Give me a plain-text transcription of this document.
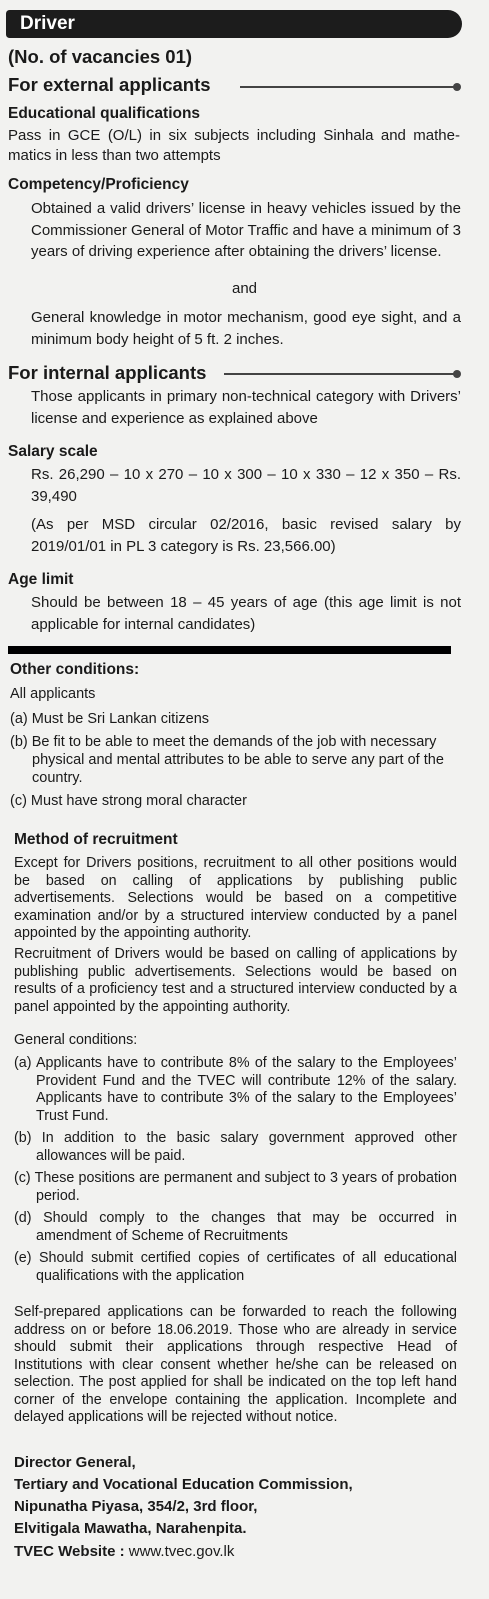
Driver
(No. of vacancies 01)
For external applicants
Educational qualifications
Pass in GCE (O/L) in six subjects including Sinhala and mathe-matics in less than two attempts
Competency/Proficiency
Obtained a valid drivers’ license in heavy vehicles issued by the Commissioner General of Motor Traffic and have a minimum of 3 years of driving experience after obtaining the drivers’ license.
and
General knowledge in motor mechanism, good eye sight, and a minimum body height of 5 ft. 2 inches.
For internal applicants
Those applicants in primary non-technical category with Drivers’ license and experience as explained above
Salary scale
Rs. 26,290 – 10 x 270 – 10 x 300 – 10 x 330 – 12 x 350 – Rs. 39,490
(As per MSD circular 02/2016, basic revised salary by 2019/01/01 in PL 3 category is Rs. 23,566.00)
Age limit
Should be between 18 – 45 years of age (this age limit is not applicable for internal candidates)
Other conditions:
All applicants
(a) Must be Sri Lankan citizens
(b) Be fit to be able to meet the demands of the job with necessary physical and mental attributes to be able to serve any part of the country.
(c) Must have strong moral character
Method of recruitment
Except for Drivers positions, recruitment to all other positions would be based on calling of applications by publishing public advertisements. Selections would be based on a competitive examination and/or by a structured interview conducted by a panel appointed by the appointing authority.
Recruitment of Drivers would be based on calling of applications by publishing public advertisements. Selections would be based on results of a proficiency test and a structured interview conducted by a panel appointed by the appointing authority.
General conditions:
(a) Applicants have to contribute 8% of the salary to the Employees’ Provident Fund and the TVEC will contribute 12% of the salary. Applicants have to contribute 3% of the salary to the Employees’ Trust Fund.
(b) In addition to the basic salary government approved other allowances will be paid.
(c) These positions are permanent and subject to 3 years of probation period.
(d) Should comply to the changes that may be occurred in amendment of Scheme of Recruitments
(e) Should submit certified copies of certificates of all educational qualifications with the application
Self-prepared applications can be forwarded to reach the following address on or before 18.06.2019. Those who are already in service should submit their applications through respective Head of Institutions with clear consent whether he/she can be released on selection. The post applied for shall be indicated on the top left hand corner of the envelope containing the application. Incomplete and delayed applications will be rejected without notice.
Director General,
Tertiary and Vocational Education Commission,
Nipunatha Piyasa, 354/2, 3rd floor,
Elvitigala Mawatha, Narahenpita.
TVEC Website : www.tvec.gov.lk
